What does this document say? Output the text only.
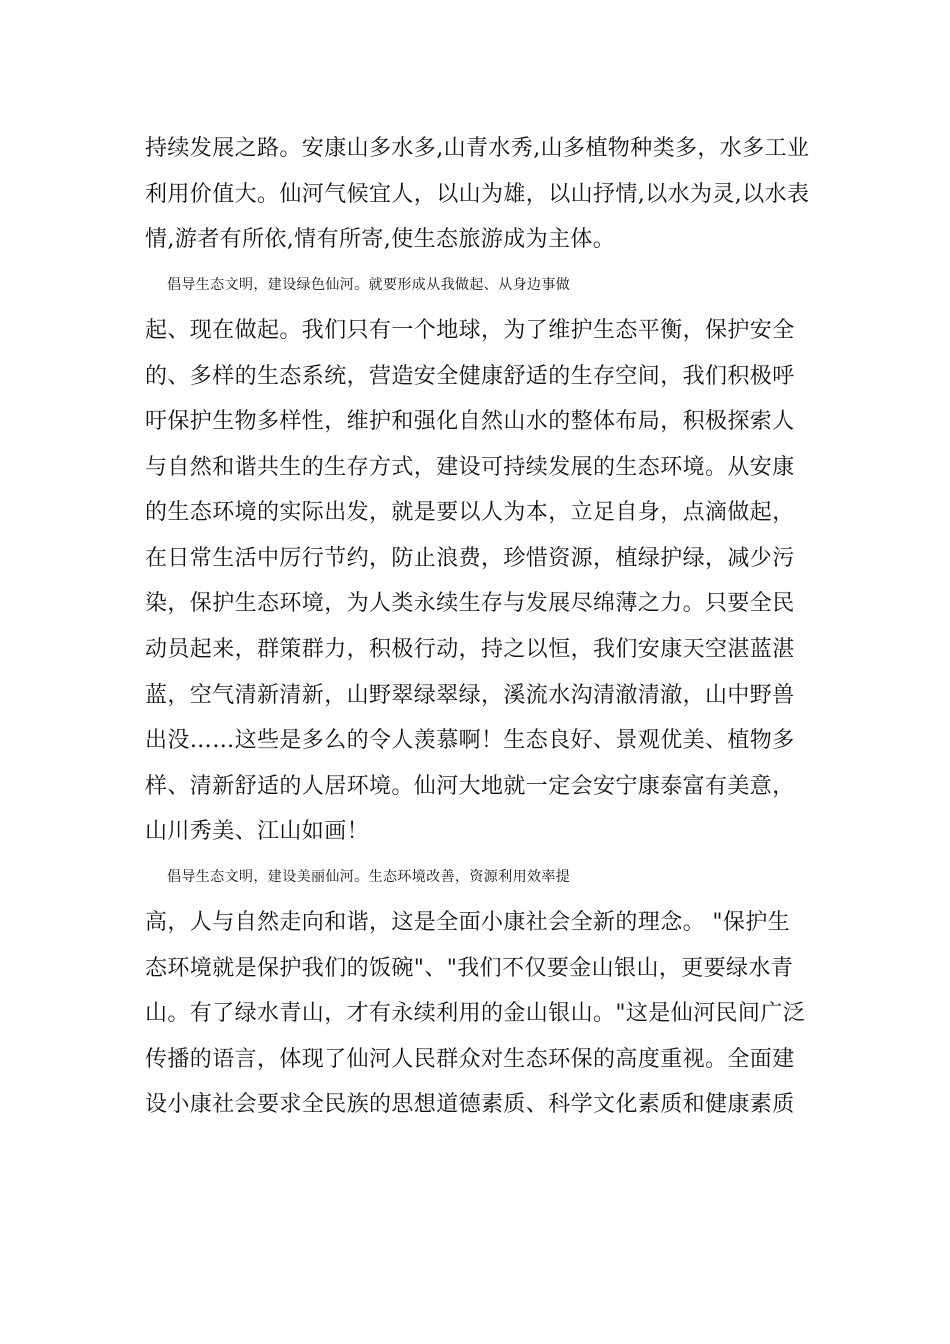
持续发展之路。安康山多水多,山青水秀,山多植物种类多，水多工业
利用价值大。仙河气候宜人，以山为雄，以山抒情,以水为灵,以水表
情,游者有所依,情有所寄,使生态旅游成为主体。
倡导生态文明，建设绿色仙河。就要形成从我做起、从身边事做
起、现在做起。我们只有一个地球，为了维护生态平衡，保护安全
的、多样的生态系统，营造安全健康舒适的生存空间，我们积极呼
吁保护生物多样性，维护和强化自然山水的整体布局，积极探索人
与自然和谐共生的生存方式，建设可持续发展的生态环境。从安康
的生态环境的实际出发，就是要以人为本，立足自身，点滴做起，
在日常生活中厉行节约，防止浪费，珍惜资源，植绿护绿，减少污
染，保护生态环境，为人类永续生存与发展尽绵薄之力。只要全民
动员起来，群策群力，积极行动，持之以恒，我们安康天空湛蓝湛
蓝，空气清新清新，山野翠绿翠绿，溪流水沟清澈清澈，山中野兽
出没……这些是多么的令人羡慕啊！生态良好、景观优美、植物多
样、清新舒适的人居环境。仙河大地就一定会安宁康泰富有美意，
山川秀美、江山如画！
倡导生态文明，建设美丽仙河。生态环境改善，资源利用效率提
高，人与自然走向和谐，这是全面小康社会全新的理念。 "保护生
态环境就是保护我们的饭碗"、"我们不仅要金山银山，更要绿水青
山。有了绿水青山，才有永续利用的金山银山。"这是仙河民间广泛
传播的语言，体现了仙河人民群众对生态环保的高度重视。全面建
设小康社会要求全民族的思想道德素质、科学文化素质和健康素质
